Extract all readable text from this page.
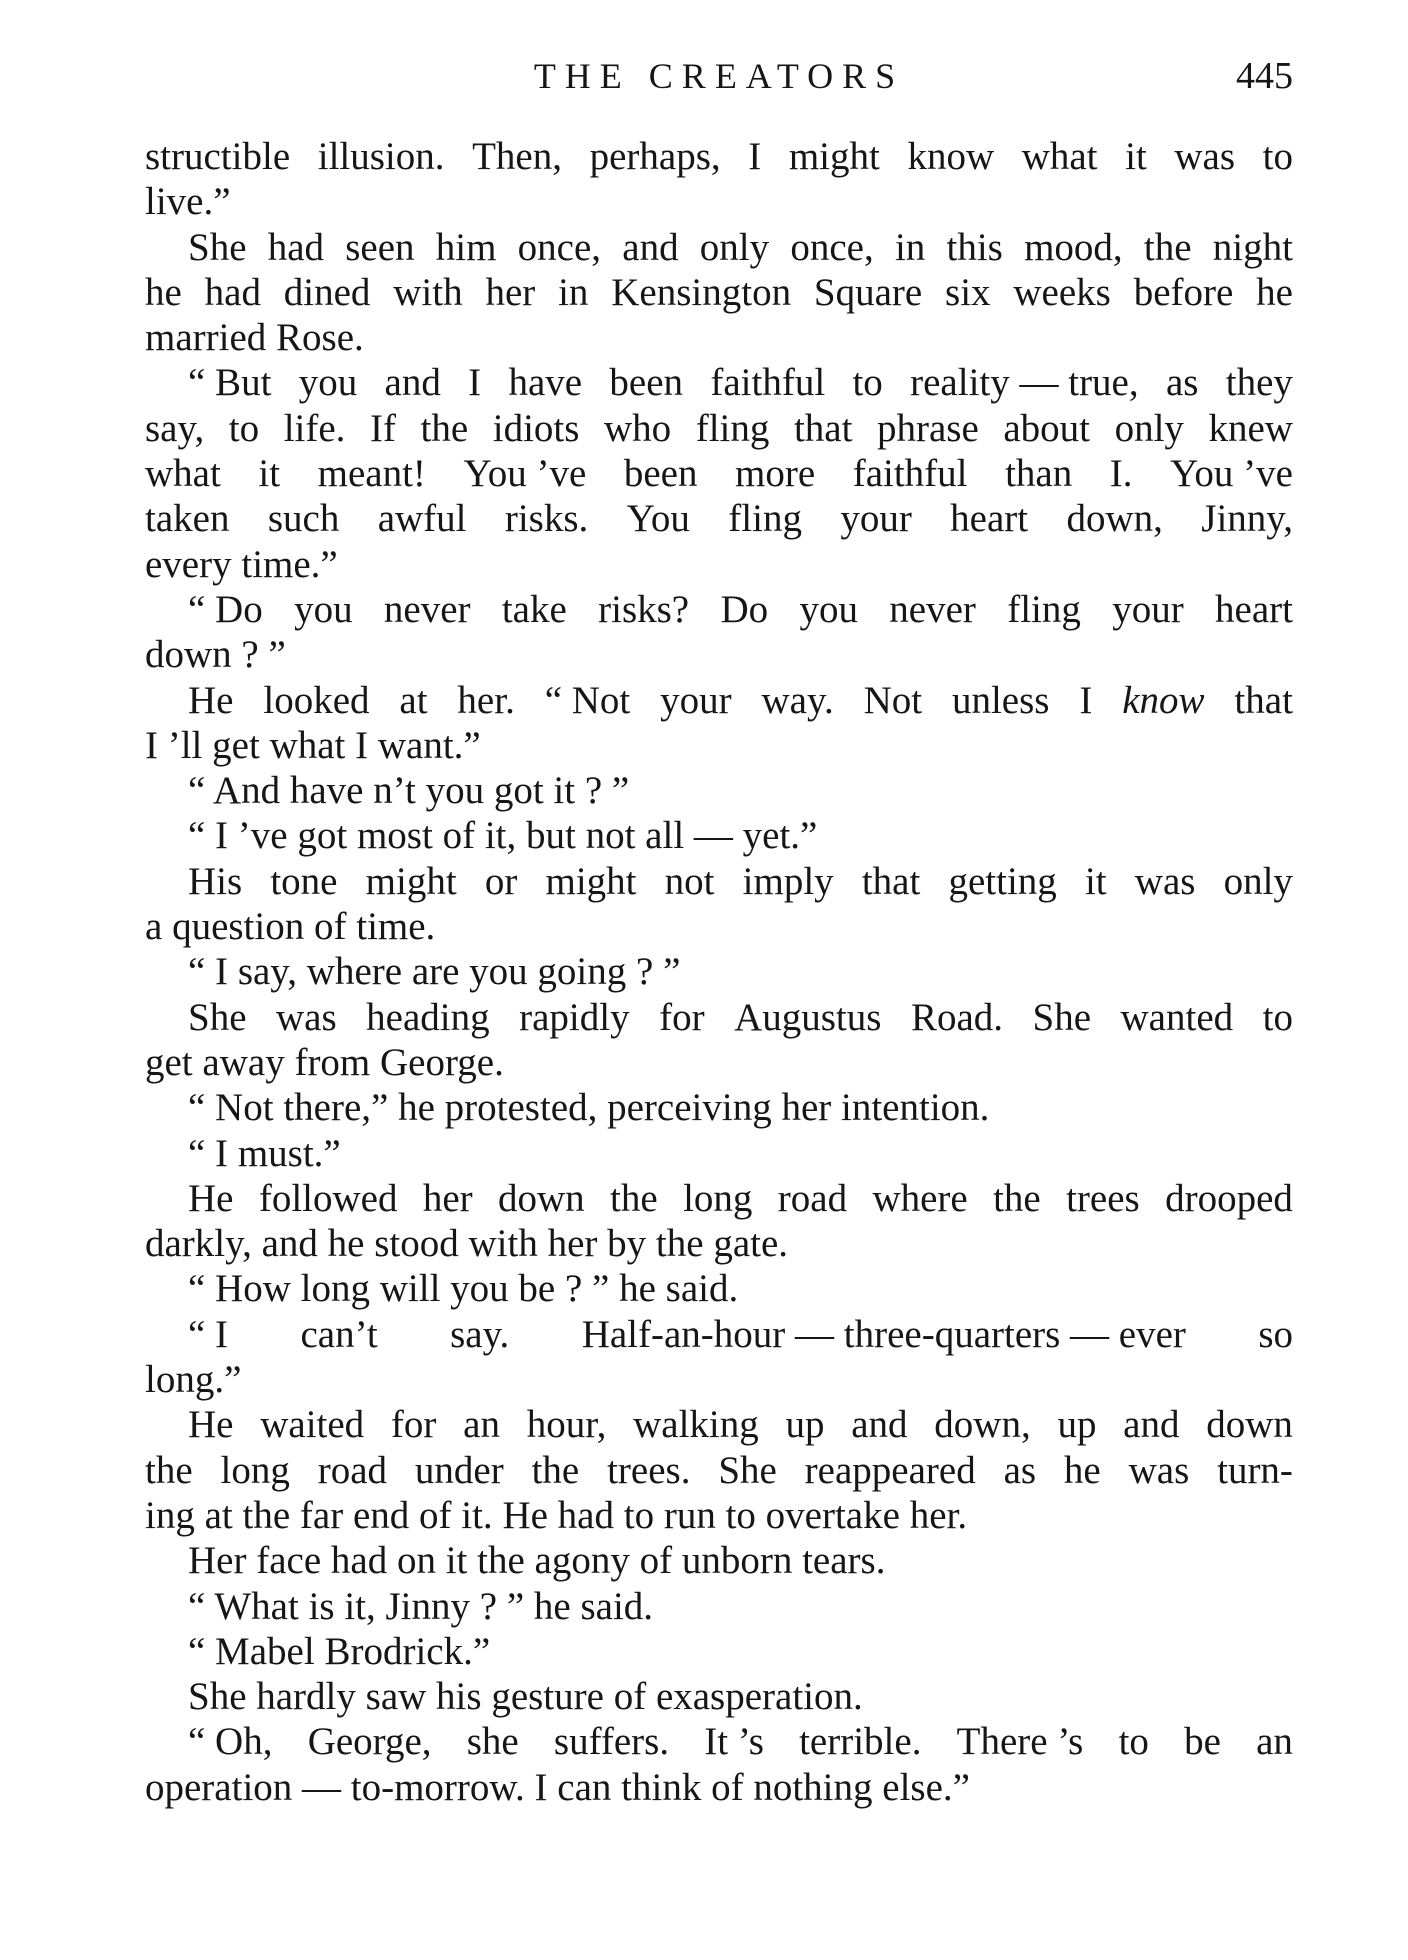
THE CREATORS	445
structible illusion. Then, perhaps, I might know what it was to
live.”
She had seen him once, and only once, in this mood, the night
he had dined with her in Kensington Square six weeks before he
married Rose.
“ But you and I have been faithful to reality — true, as they
say, to life. If the idiots who fling that phrase about only knew
what it meant! You ’ve been more faithful than I. You ’ve
taken such awful risks. You fling your heart down, Jinny,
every time.”
“ Do you never take risks? Do you never fling your heart
down ? ”
He looked at her. “ Not your way. Not unless I know that
I ’ll get what I want.”
“ And have n’t you got it ? ”
“ I ’ve got most of it, but not all — yet.”
His tone might or might not imply that getting it was only
a question of time.
“ I say, where are you going ? ”
She was heading rapidly for Augustus Road. She wanted to
get away from George.
“ Not there,” he protested, perceiving her intention.
“ I must.”
He followed her down the long road where the trees drooped
darkly, and he stood with her by the gate.
“ How long will you be ? ” he said.
“ I can’t say. Half-an-hour — three-quarters — ever so
long.”
He waited for an hour, walking up and down, up and down
the long road under the trees. She reappeared as he was turn-
ing at the far end of it. He had to run to overtake her.
Her face had on it the agony of unborn tears.
“ What is it, Jinny ? ” he said.
“ Mabel Brodrick.”
She hardly saw his gesture of exasperation.
“ Oh, George, she suffers. It ’s terrible. There ’s to be an
operation — to-morrow. I can think of nothing else.”
